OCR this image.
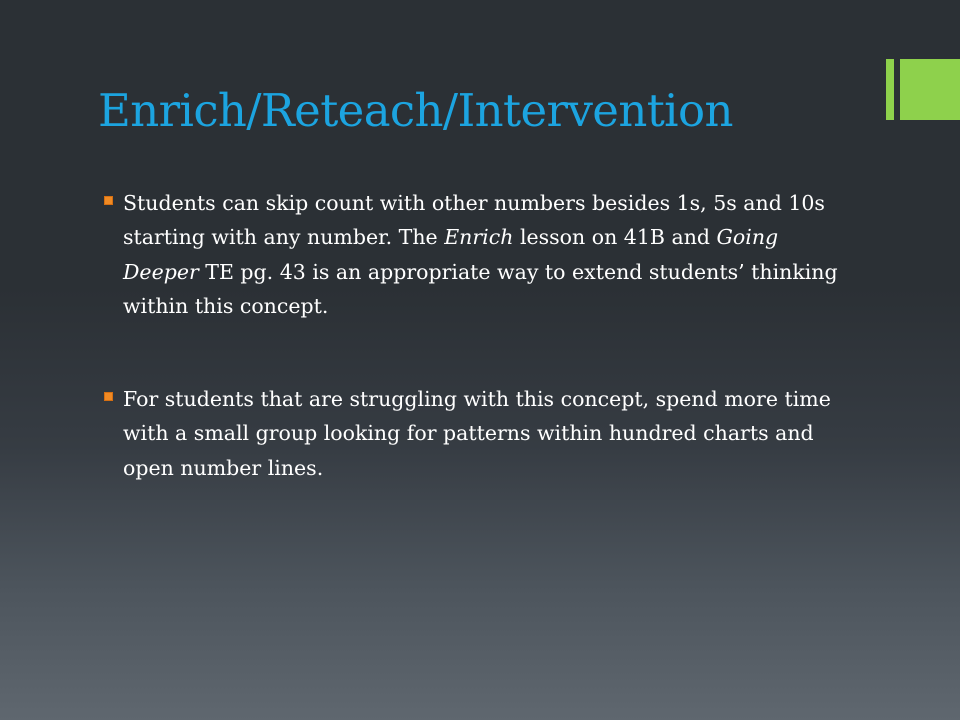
Enrich/Reteach/Intervention
Students can skip count with other numbers besides 1s, 5s and 10s starting with any number. The Enrich lesson on 41B and Going Deeper TE pg. 43 is an appropriate way to extend students’ thinking within this concept.
For students that are struggling with this concept, spend more time with a small group looking for patterns within hundred charts and open number lines.
